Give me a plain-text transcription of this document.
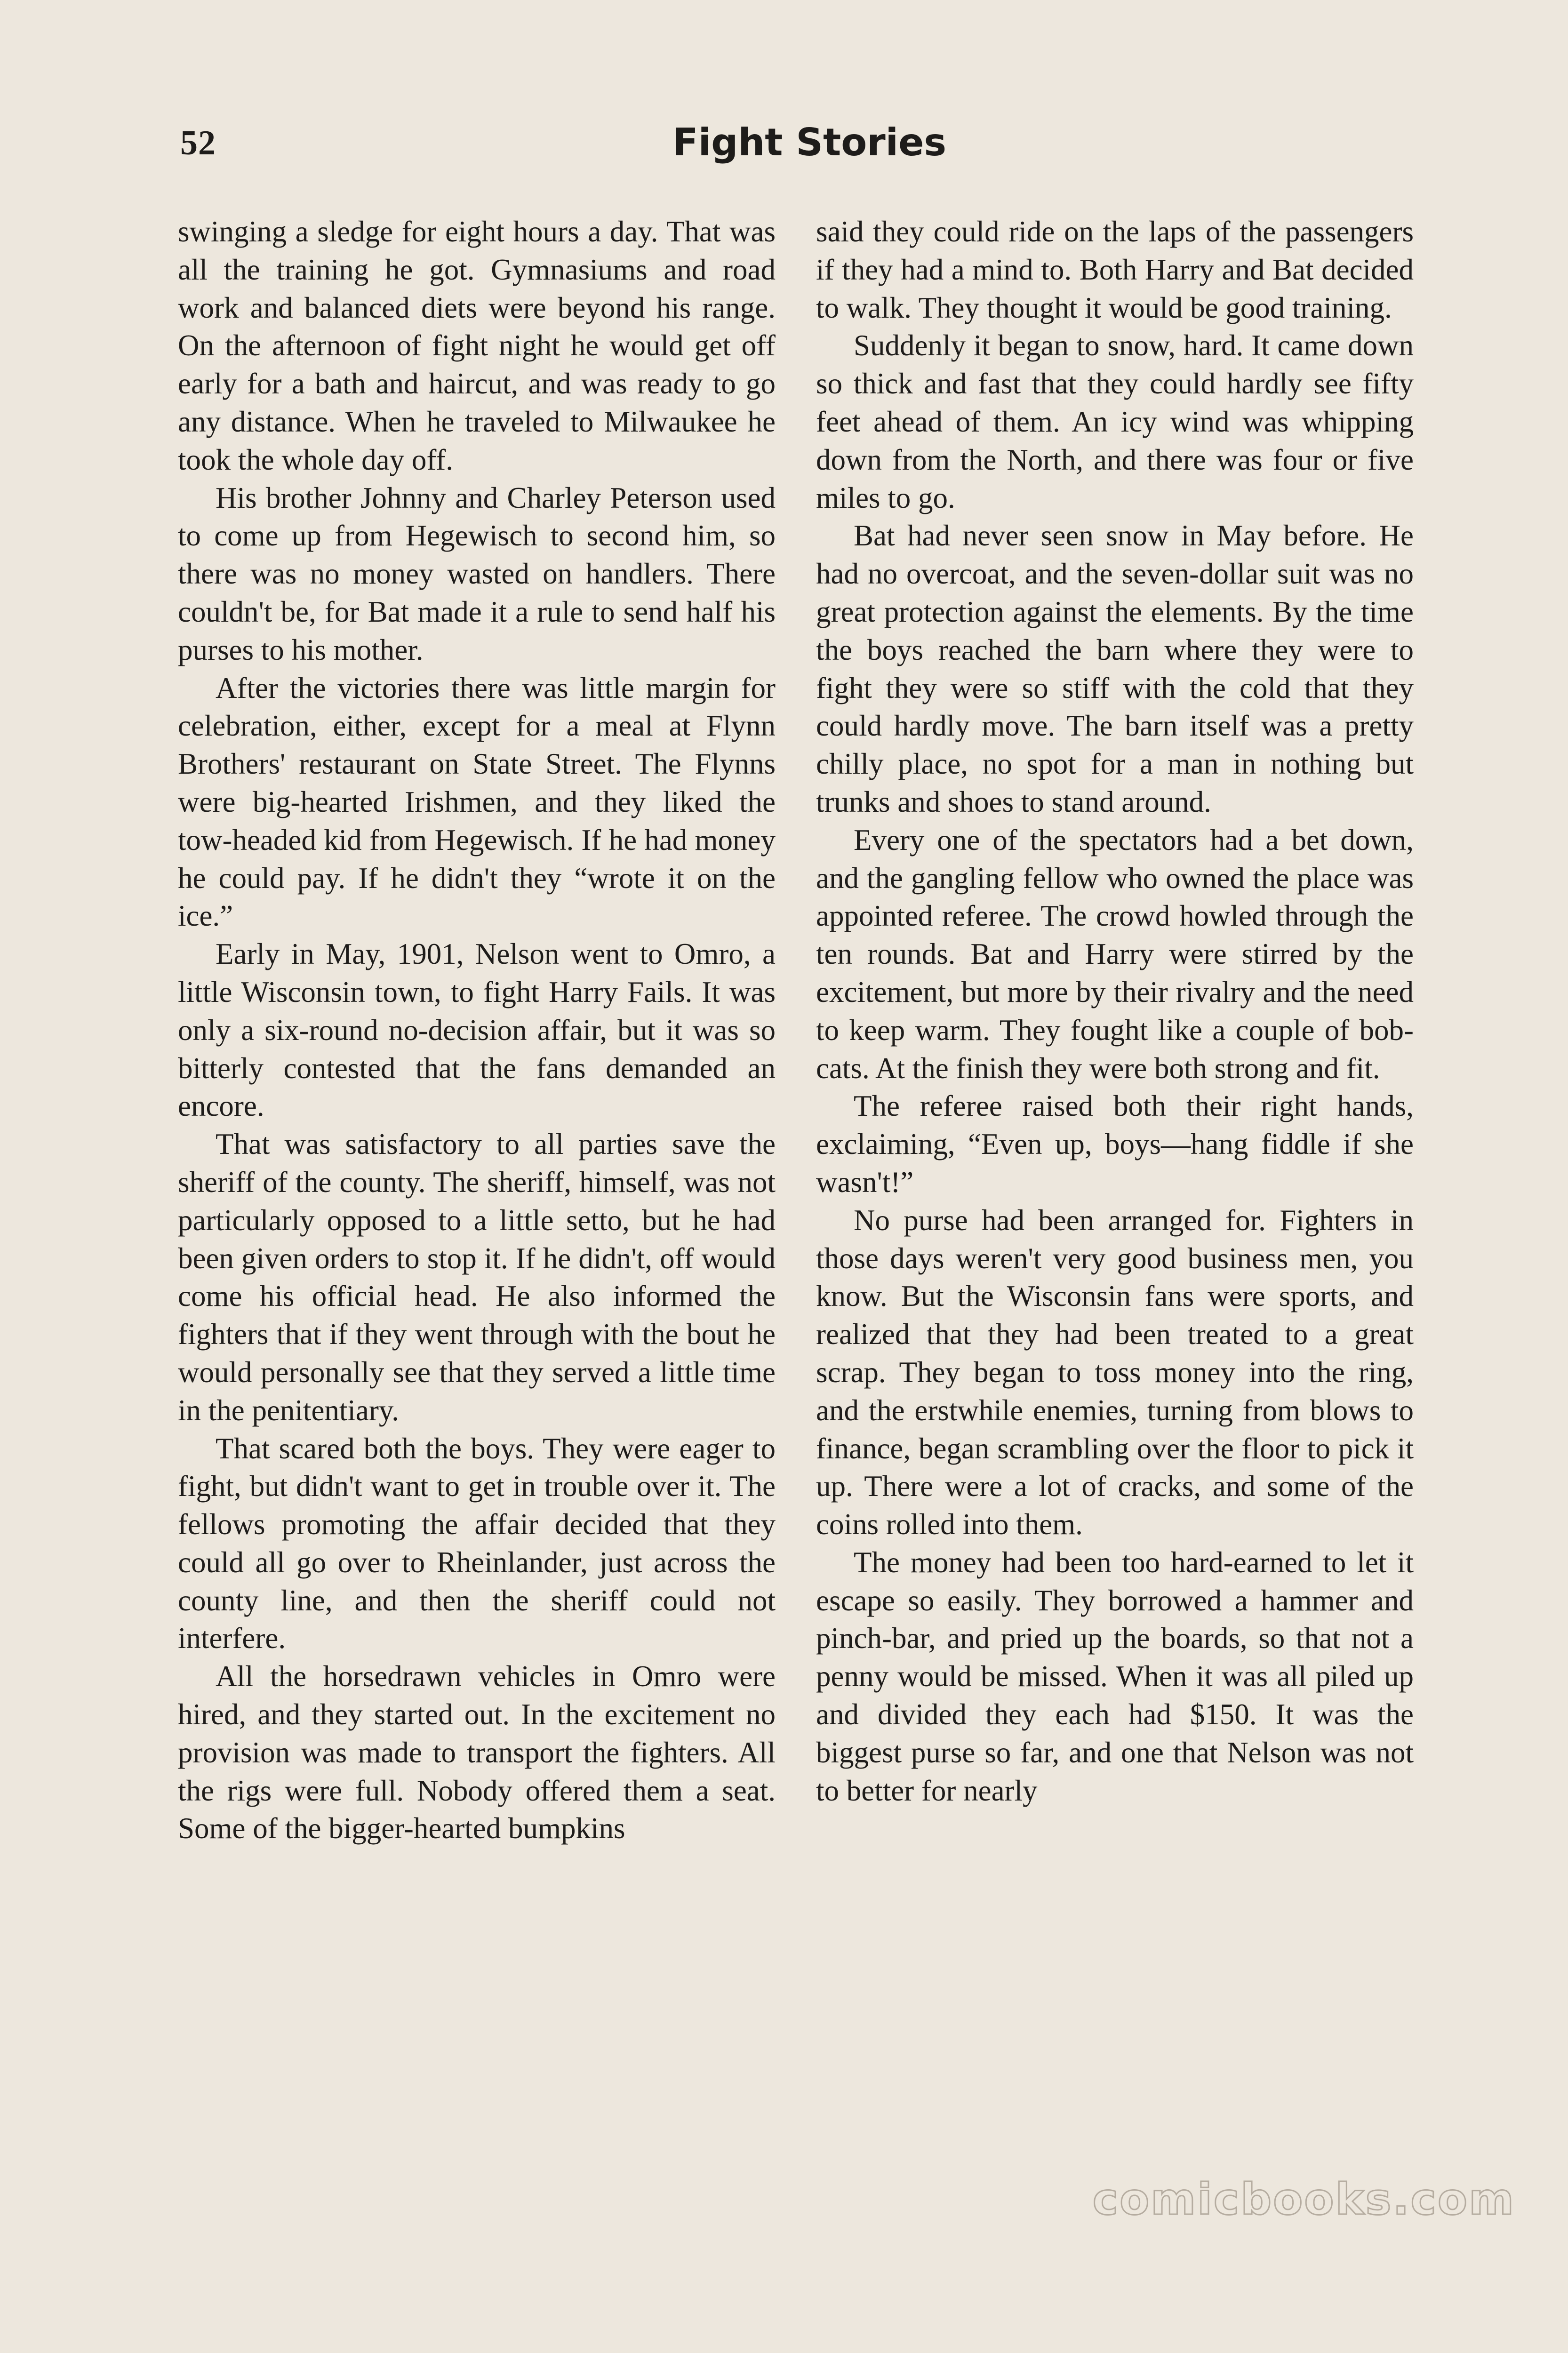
52	Fight Stories

swinging a sledge for eight hours a day. That was all the training he got. Gymnasiums and road work and balanced diets were beyond his range. On the afternoon of fight night he would get off early for a bath and haircut, and was ready to go any distance. When he traveled to Milwaukee he took the whole day off.

His brother Johnny and Charley Peterson used to come up from Hegewisch to second him, so there was no money wasted on handlers. There couldn't be, for Bat made it a rule to send half his purses to his mother.

After the victories there was little margin for celebration, either, except for a meal at Flynn Brothers' restaurant on State Street. The Flynns were big-hearted Irishmen, and they liked the tow-headed kid from Hegewisch. If he had money he could pay. If he didn't they “wrote it on the ice.”

Early in May, 1901, Nelson went to Omro, a little Wisconsin town, to fight Harry Fails. It was only a six-round no-decision affair, but it was so bitterly contested that the fans demanded an encore.

That was satisfactory to all parties save the sheriff of the county. The sheriff, himself, was not particularly opposed to a little setto, but he had been given orders to stop it. If he didn't, off would come his official head. He also informed the fighters that if they went through with the bout he would personally see that they served a little time in the penitentiary.

That scared both the boys. They were eager to fight, but didn't want to get in trouble over it. The fellows promoting the affair decided that they could all go over to Rheinlander, just across the county line, and then the sheriff could not interfere.

All the horsedrawn vehicles in Omro were hired, and they started out. In the excitement no provision was made to transport the fighters. All the rigs were full. Nobody offered them a seat. Some of the bigger-hearted bumpkins

said they could ride on the laps of the passengers if they had a mind to. Both Harry and Bat decided to walk. They thought it would be good training.

Suddenly it began to snow, hard. It came down so thick and fast that they could hardly see fifty feet ahead of them. An icy wind was whipping down from the North, and there was four or five miles to go.

Bat had never seen snow in May before. He had no overcoat, and the seven-dollar suit was no great protection against the elements. By the time the boys reached the barn where they were to fight they were so stiff with the cold that they could hardly move. The barn itself was a pretty chilly place, no spot for a man in nothing but trunks and shoes to stand around.

Every one of the spectators had a bet down, and the gangling fellow who owned the place was appointed referee. The crowd howled through the ten rounds. Bat and Harry were stirred by the excitement, but more by their rivalry and the need to keep warm. They fought like a couple of bob-cats. At the finish they were both strong and fit.

The referee raised both their right hands, exclaiming, “Even up, boys—hang fiddle if she wasn't!”

No purse had been arranged for. Fighters in those days weren't very good business men, you know. But the Wisconsin fans were sports, and realized that they had been treated to a great scrap. They began to toss money into the ring, and the erstwhile enemies, turning from blows to finance, began scrambling over the floor to pick it up. There were a lot of cracks, and some of the coins rolled into them.

The money had been too hard-earned to let it escape so easily. They borrowed a hammer and pinch-bar, and pried up the boards, so that not a penny would be missed. When it was all piled up and divided they each had $150. It was the biggest purse so far, and one that Nelson was not to better for nearly

comicbooks.com
